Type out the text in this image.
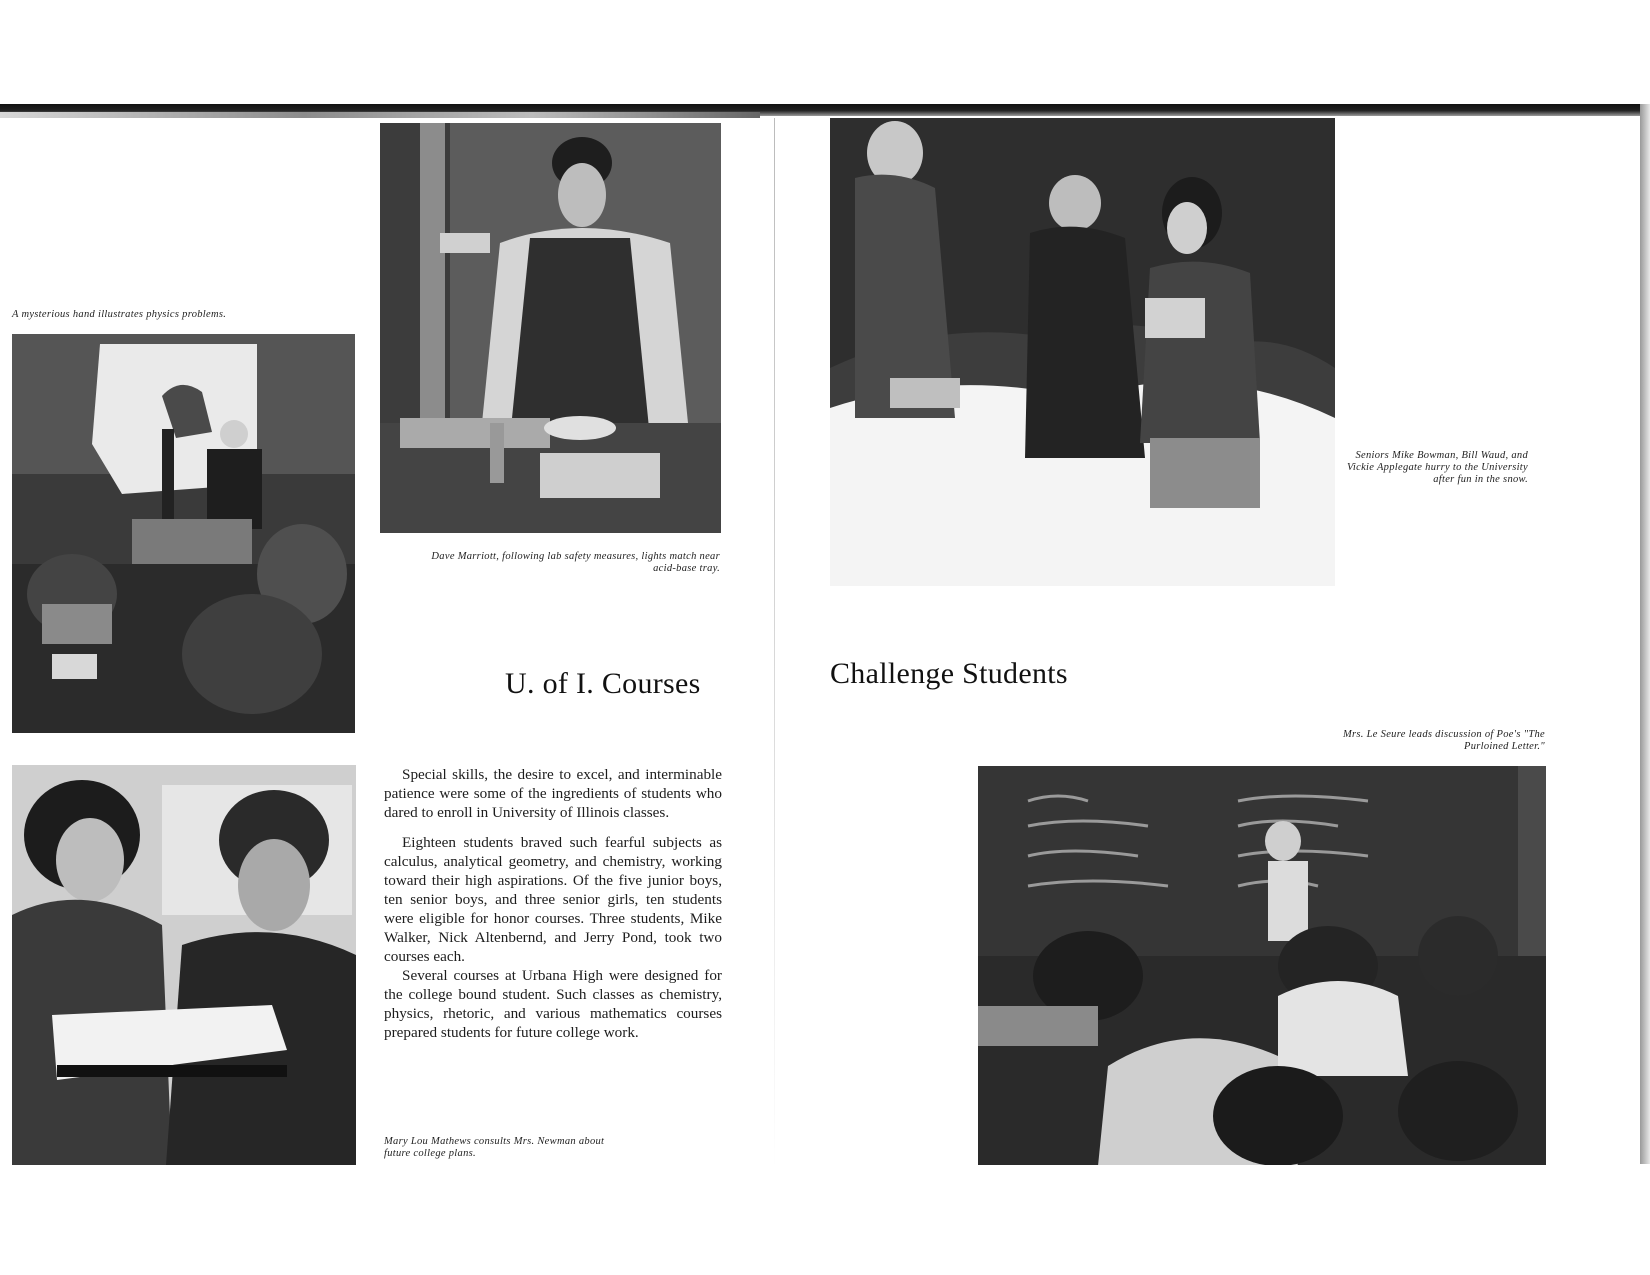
A mysterious hand illustrates physics problems.

Dave Marriott, following lab safety measures, lights match near acid-base tray.

U. of I. Courses

Special skills, the desire to excel, and interminable patience were some of the ingredients of students who dared to enroll in University of Illinois classes.

Eighteen students braved such fearful subjects as calculus, analytical geometry, and chemistry, working toward their high aspirations. Of the five junior boys, ten senior boys, and three senior girls, ten students were eligible for honor courses. Three students, Mike Walker, Nick Altenbernd, and Jerry Pond, took two courses each.

Several courses at Urbana High were designed for the college bound student. Such classes as chemistry, physics, rhetoric, and various mathematics courses prepared students for future college work.

Mary Lou Mathews consults Mrs. Newman about future college plans.

Seniors Mike Bowman, Bill Waud, and Vickie Applegate hurry to the University after fun in the snow.

Challenge Students

Mrs. Le Seure leads discussion of Poe's "The Purloined Letter."
